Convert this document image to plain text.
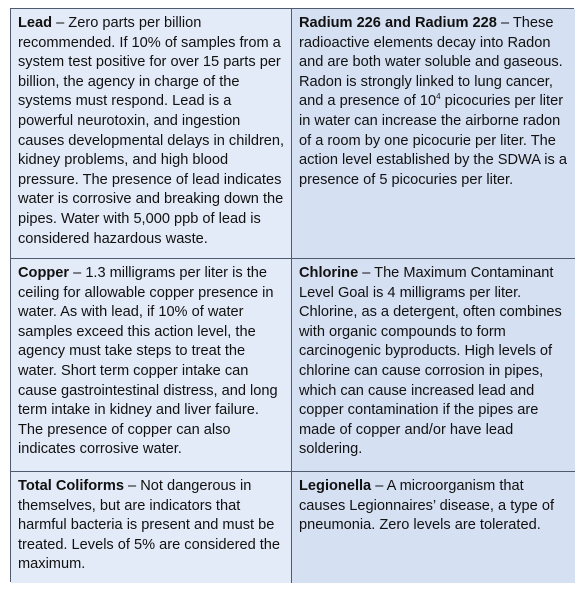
Lead – Zero parts per billion recommended. If 10% of samples from a system test positive for over 15 parts per billion, the agency in charge of the systems must respond. Lead is a powerful neurotoxin, and ingestion causes developmental delays in children, kidney problems, and high blood pressure. The presence of lead indicates water is corrosive and breaking down the pipes. Water with 5,000 ppb of lead is considered hazardous waste.
Radium 226 and Radium 228 – These radioactive elements decay into Radon and are both water soluble and gaseous. Radon is strongly linked to lung cancer, and a presence of $10^4$ picocuries per liter in water can increase the airborne radon of a room by one picocurie per liter. The action level established by the SDWA is a presence of 5 picocuries per liter.
Copper – 1.3 milligrams per liter is the ceiling for allowable copper presence in water. As with lead, if 10% of water samples exceed this action level, the agency must take steps to treat the water. Short term copper intake can cause gastrointestinal distress, and long term intake in kidney and liver failure. The presence of copper can also indicates corrosive water.
Chlorine – The Maximum Contaminant Level Goal is 4 milligrams per liter. Chlorine, as a detergent, often combines with organic compounds to form carcinogenic byproducts. High levels of chlorine can cause corrosion in pipes, which can cause increased lead and copper contamination if the pipes are made of copper and/or have lead soldering.
Total Coliforms – Not dangerous in themselves, but are indicators that harmful bacteria is present and must be treated. Levels of 5% are considered the maximum.
Legionella – A microorganism that causes Legionnaires’ disease, a type of pneumonia. Zero levels are tolerated.
